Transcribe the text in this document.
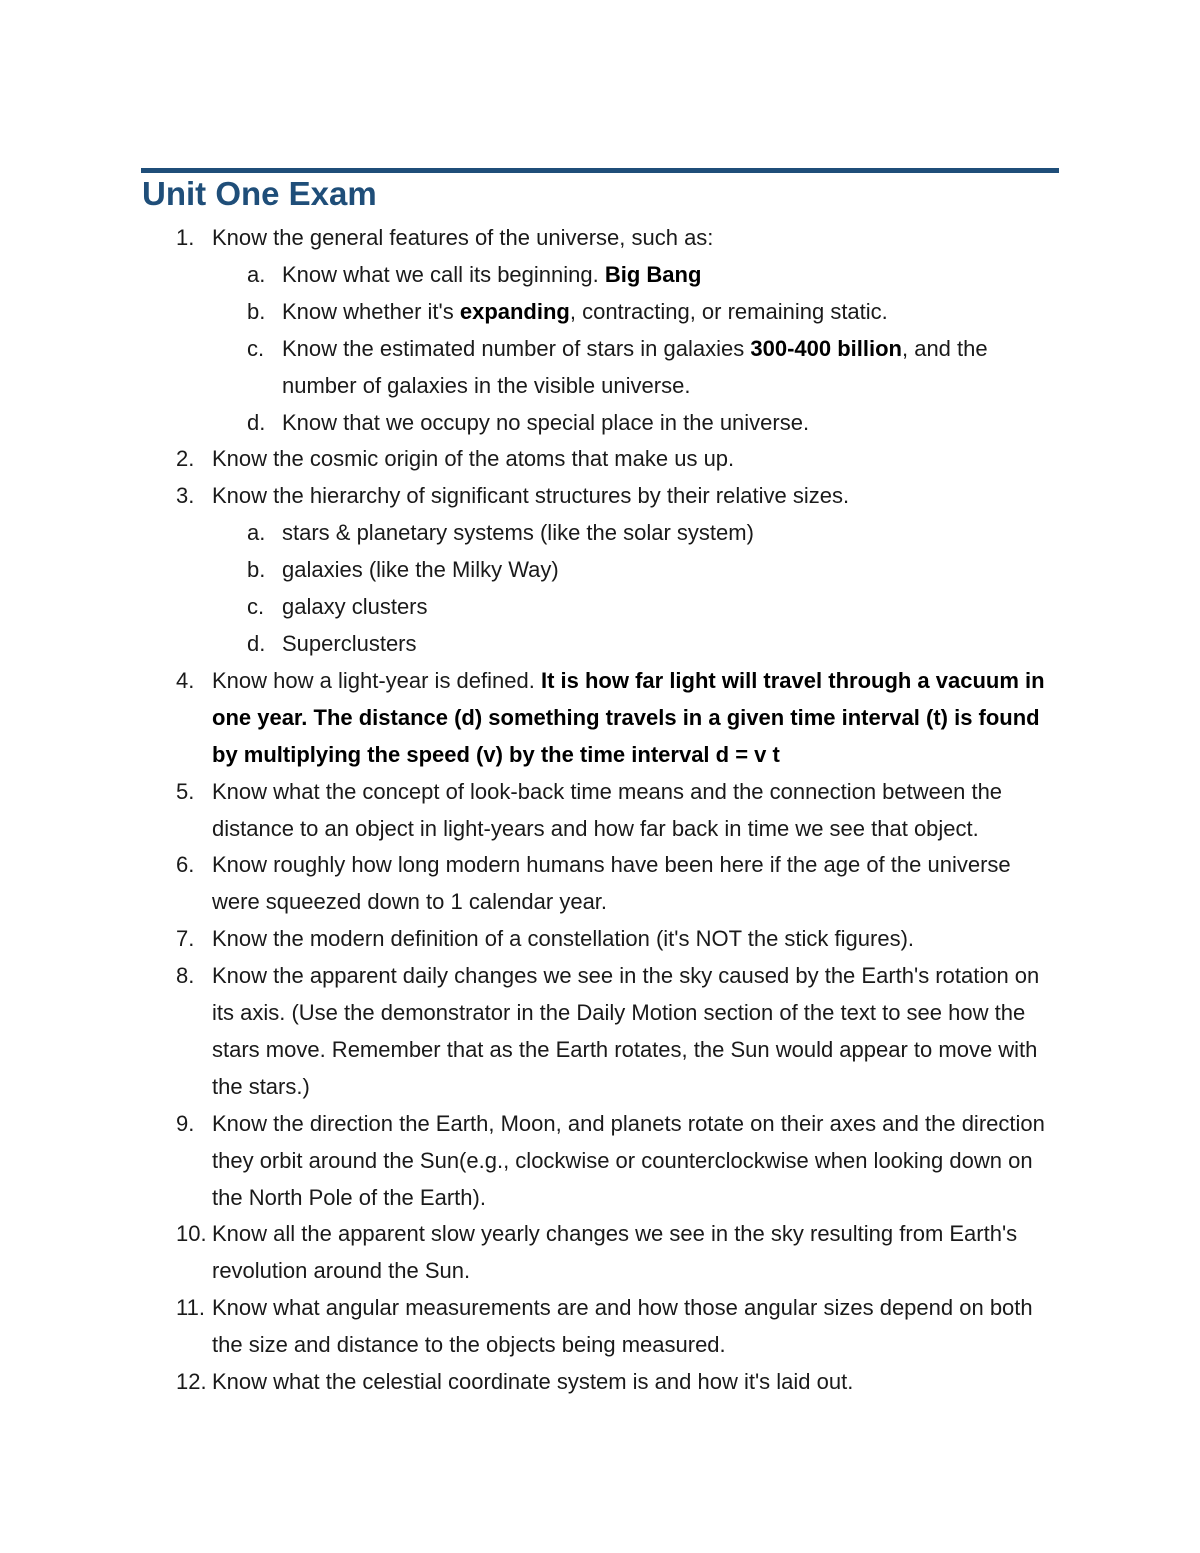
Unit One Exam
1. Know the general features of the universe, such as:
a. Know what we call its beginning. Big Bang
b. Know whether it's expanding, contracting, or remaining static.
c. Know the estimated number of stars in galaxies 300-400 billion, and the number of galaxies in the visible universe.
d. Know that we occupy no special place in the universe.
2. Know the cosmic origin of the atoms that make us up.
3. Know the hierarchy of significant structures by their relative sizes.
a. stars & planetary systems (like the solar system)
b. galaxies (like the Milky Way)
c. galaxy clusters
d. Superclusters
4. Know how a light-year is defined. It is how far light will travel through a vacuum in one year. The distance (d) something travels in a given time interval (t) is found by multiplying the speed (v) by the time interval d = v t
5. Know what the concept of look-back time means and the connection between the distance to an object in light-years and how far back in time we see that object.
6. Know roughly how long modern humans have been here if the age of the universe were squeezed down to 1 calendar year.
7. Know the modern definition of a constellation (it's NOT the stick figures).
8. Know the apparent daily changes we see in the sky caused by the Earth's rotation on its axis. (Use the demonstrator in the Daily Motion section of the text to see how the stars move. Remember that as the Earth rotates, the Sun would appear to move with the stars.)
9. Know the direction the Earth, Moon, and planets rotate on their axes and the direction they orbit around the Sun(e.g., clockwise or counterclockwise when looking down on the North Pole of the Earth).
10. Know all the apparent slow yearly changes we see in the sky resulting from Earth's revolution around the Sun.
11. Know what angular measurements are and how those angular sizes depend on both the size and distance to the objects being measured.
12. Know what the celestial coordinate system is and how it's laid out.
